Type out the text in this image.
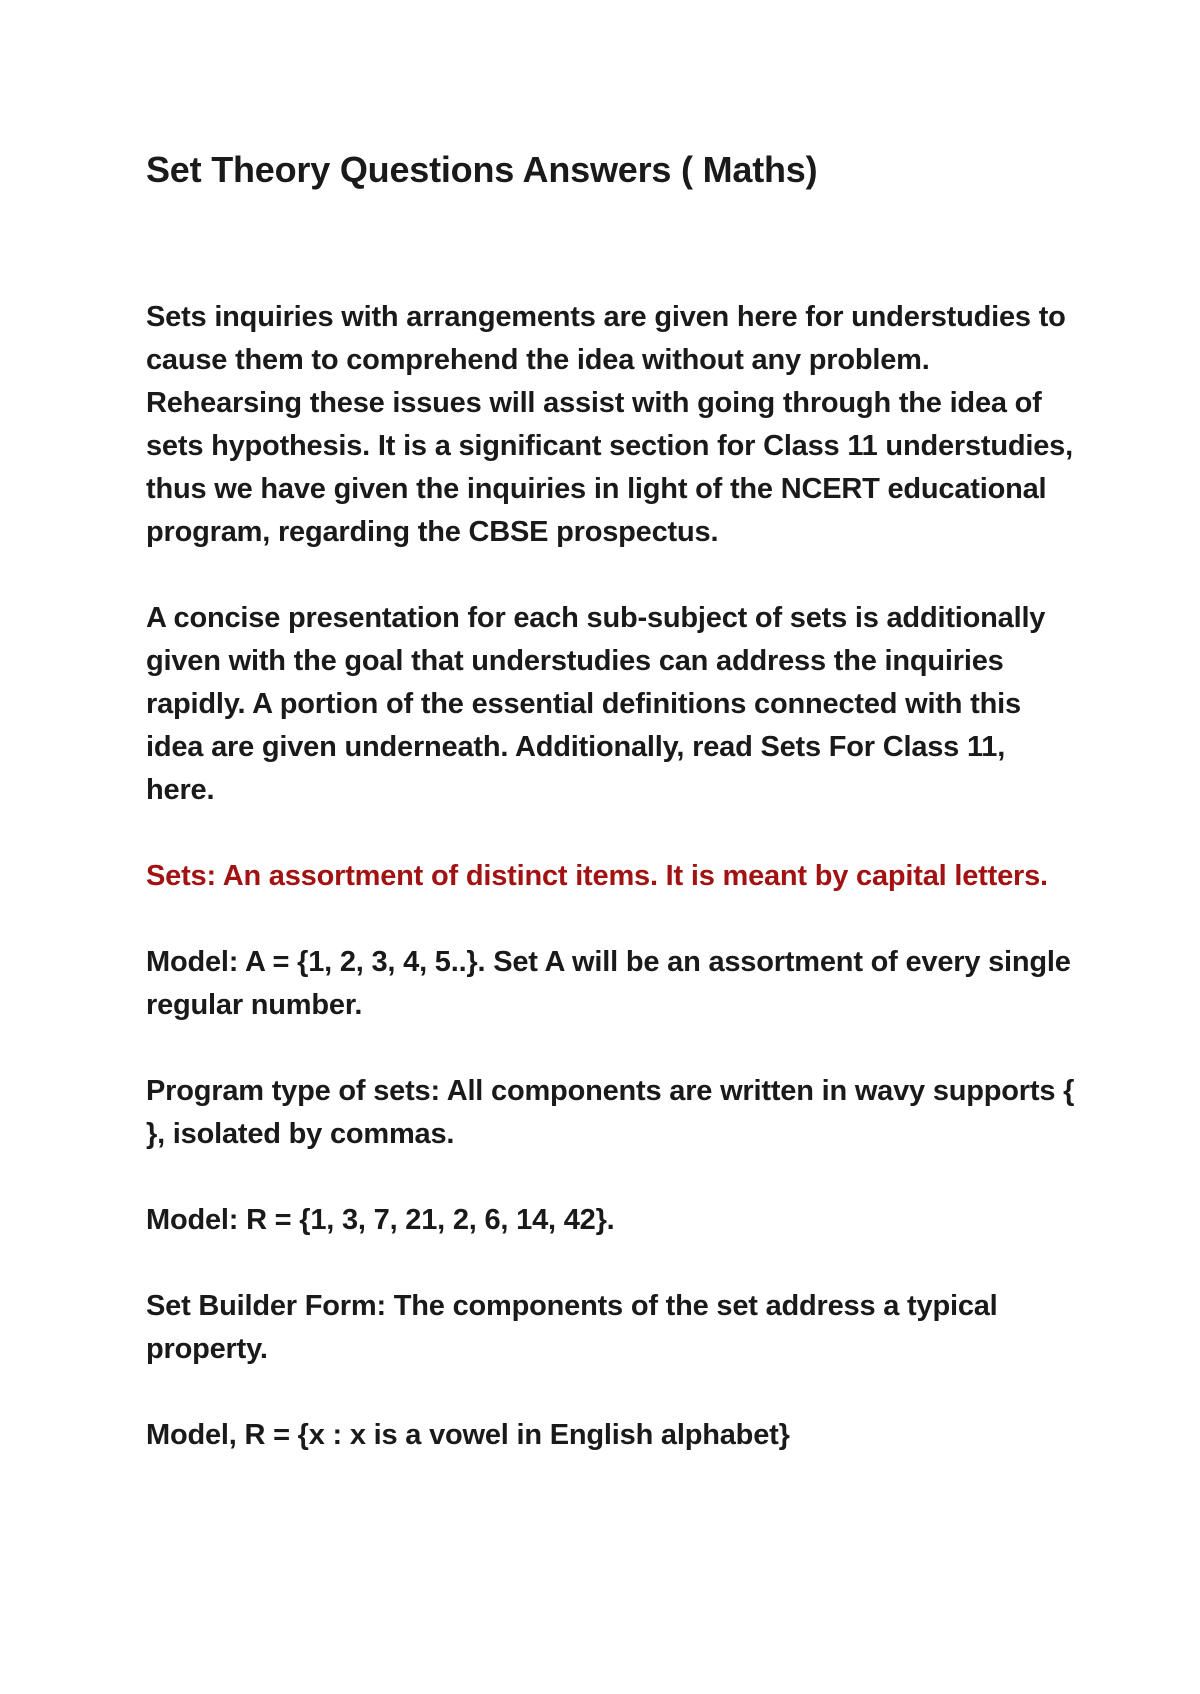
Set Theory Questions Answers ( Maths)

Sets inquiries with arrangements are given here for understudies to cause them to comprehend the idea without any problem. Rehearsing these issues will assist with going through the idea of sets hypothesis. It is a significant section for Class 11 understudies, thus we have given the inquiries in light of the NCERT educational program, regarding the CBSE prospectus.

A concise presentation for each sub-subject of sets is additionally given with the goal that understudies can address the inquiries rapidly. A portion of the essential definitions connected with this idea are given underneath. Additionally, read Sets For Class 11, here.

Sets: An assortment of distinct items. It is meant by capital letters.

Model: A = {1, 2, 3, 4, 5..}. Set A will be an assortment of every single regular number.

Program type of sets: All components are written in wavy supports { }, isolated by commas.

Model: R = {1, 3, 7, 21, 2, 6, 14, 42}.

Set Builder Form: The components of the set address a typical property.

Model, R = {x : x is a vowel in English alphabet}
